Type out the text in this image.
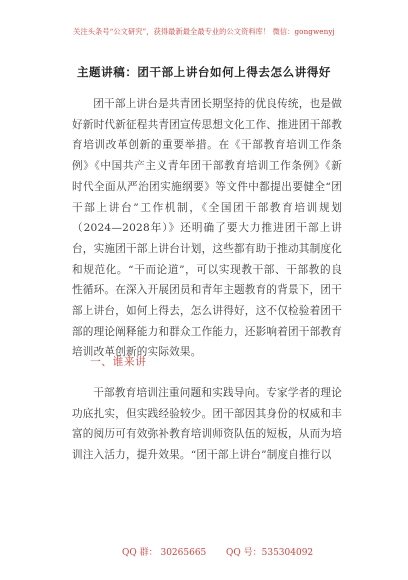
关注头条号“公文研究”，获得最新最全最专业的公文资料库！ 微信：gongwenyj
主题讲稿：团干部上讲台如何上得去怎么讲得好
团干部上讲台是共青团长期坚持的优良传统，也是做好新时代新征程共青团宣传思想文化工作、推进团干部教育培训改革创新的重要举措。在《干部教育培训工作条例》《中国共产主义青年团干部教育培训工作条例》《新时代全面从严治团实施纲要》等文件中都提出要健全“团干部上讲台”工作机制，《全国团干部教育培训规划（2024—2028年）》还明确了要大力推进团干部上讲台，实施团干部上讲台计划，这些都有助于推动其制度化和规范化。“干而论道”，可以实现教干部、干部教的良性循环。在深入开展团员和青年主题教育的背景下，团干部上讲台，如何上得去，怎么讲得好，这不仅检验着团干部的理论阐释能力和群众工作能力，还影响着团干部教育培训改革创新的实际效果。
一、谁来讲
干部教育培训注重问题和实践导向。专家学者的理论功底扎实，但实践经验较少。团干部因其身份的权威和丰富的阅历可有效弥补教育培训师资队伍的短板，从而为培训注入活力，提升效果。“团干部上讲台”制度自推行以
QQ 群： 30265665 QQ 号：535304092
